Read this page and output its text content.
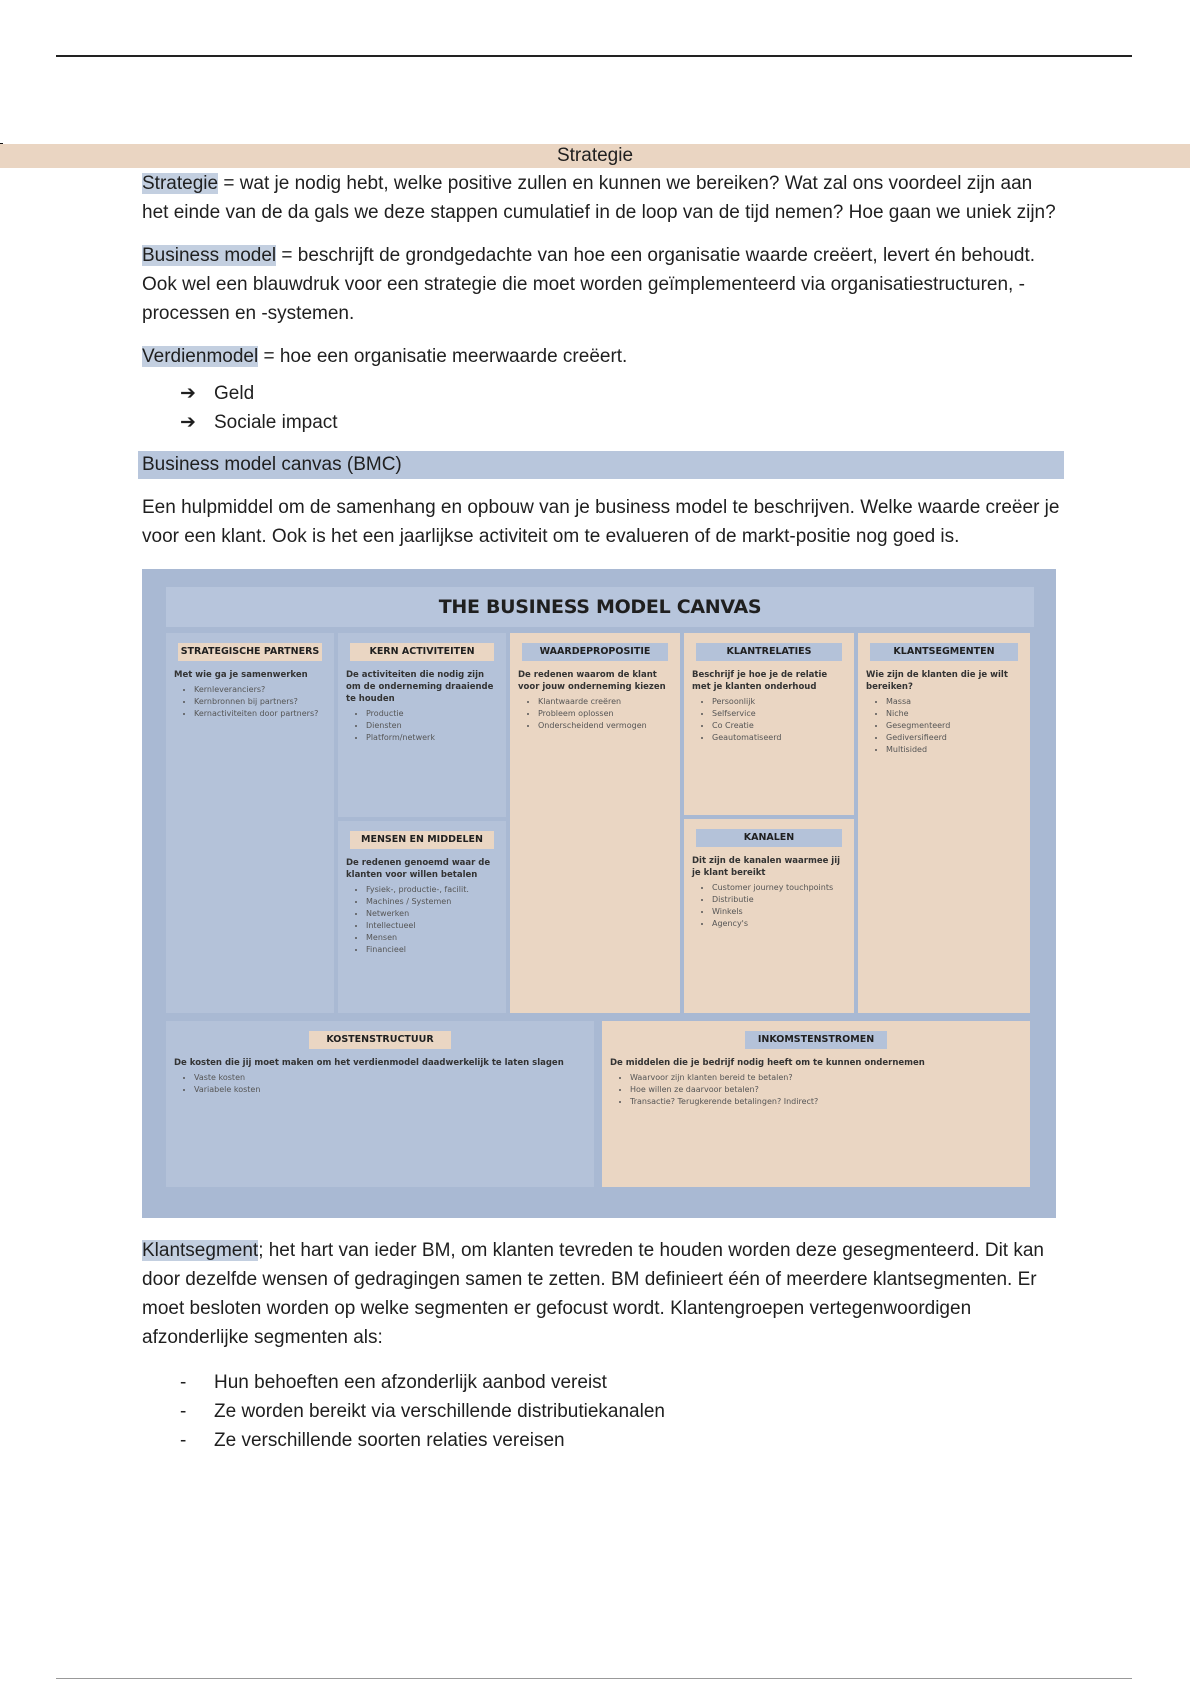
Strategie

Strategie = wat je nodig hebt, welke positive zullen en kunnen we bereiken? Wat zal ons voordeel zijn aan het einde van de da gals we deze stappen cumulatief in de loop van de tijd nemen? Hoe gaan we uniek zijn?

Business model = beschrijft de grondgedachte van hoe een organisatie waarde creëert, levert én behoudt. Ook wel een blauwdruk voor een strategie die moet worden geïmplementeerd via organisatiestructuren, -processen en -systemen.

Verdienmodel = hoe een organisatie meerwaarde creëert.

➔ Geld
➔ Sociale impact
Business model canvas (BMC)

Een hulpmiddel om de samenhang en opbouw van je business model te beschrijven. Welke waarde creëer je voor een klant. Ook is het een jaarlijkse activiteit om te evalueren of de markt-positie nog goed is.

THE BUSINESS MODEL CANVAS
STRATEGISCHE PARTNERS
Met wie ga je samenwerken
• Kernleveranciers?
• Kernbronnen bij partners?
• Kernactiviteiten door partners?
KERN ACTIVITEITEN
De activiteiten die nodig zijn om de onderneming draaiende te houden
• Productie
• Diensten
• Platform/netwerk
MENSEN EN MIDDELEN
De redenen genoemd waar de klanten voor willen betalen
• Fysiek-, productie-, facilit.
• Machines / Systemen
• Netwerken
• Intellectueel
• Mensen
• Financieel
WAARDEPROPOSITIE
De redenen waarom de klant voor jouw onderneming kiezen
• Klantwaarde creëren
• Probleem oplossen
• Onderscheidend vermogen
KLANTRELATIES
Beschrijf je hoe je de relatie met je klanten onderhoud
• Persoonlijk
• Selfservice
• Co Creatie
• Geautomatiseerd
KANALEN
Dit zijn de kanalen waarmee jij je klant bereikt
• Customer journey touchpoints
• Distributie
• Winkels
• Agency's
KLANTSEGMENTEN
Wie zijn de klanten die je wilt bereiken?
• Massa
• Niche
• Gesegmenteerd
• Gediversifieerd
• Multisided
KOSTENSTRUCTUUR
De kosten die jij moet maken om het verdienmodel daadwerkelijk te laten slagen
• Vaste kosten
• Variabele kosten
INKOMSTENSTROMEN
De middelen die je bedrijf nodig heeft om te kunnen ondernemen
• Waarvoor zijn klanten bereid te betalen?
• Hoe willen ze daarvoor betalen?
• Transactie? Terugkerende betalingen? Indirect?

Klantsegment; het hart van ieder BM, om klanten tevreden te houden worden deze gesegmenteerd. Dit kan door dezelfde wensen of gedragingen samen te zetten. BM definieert één of meerdere klantsegmenten. Er moet besloten worden op welke segmenten er gefocust wordt. Klantengroepen vertegenwoordigen afzonderlijke segmenten als:

- Hun behoeften een afzonderlijk aanbod vereist
- Ze worden bereikt via verschillende distributiekanalen
- Ze verschillende soorten relaties vereisen
